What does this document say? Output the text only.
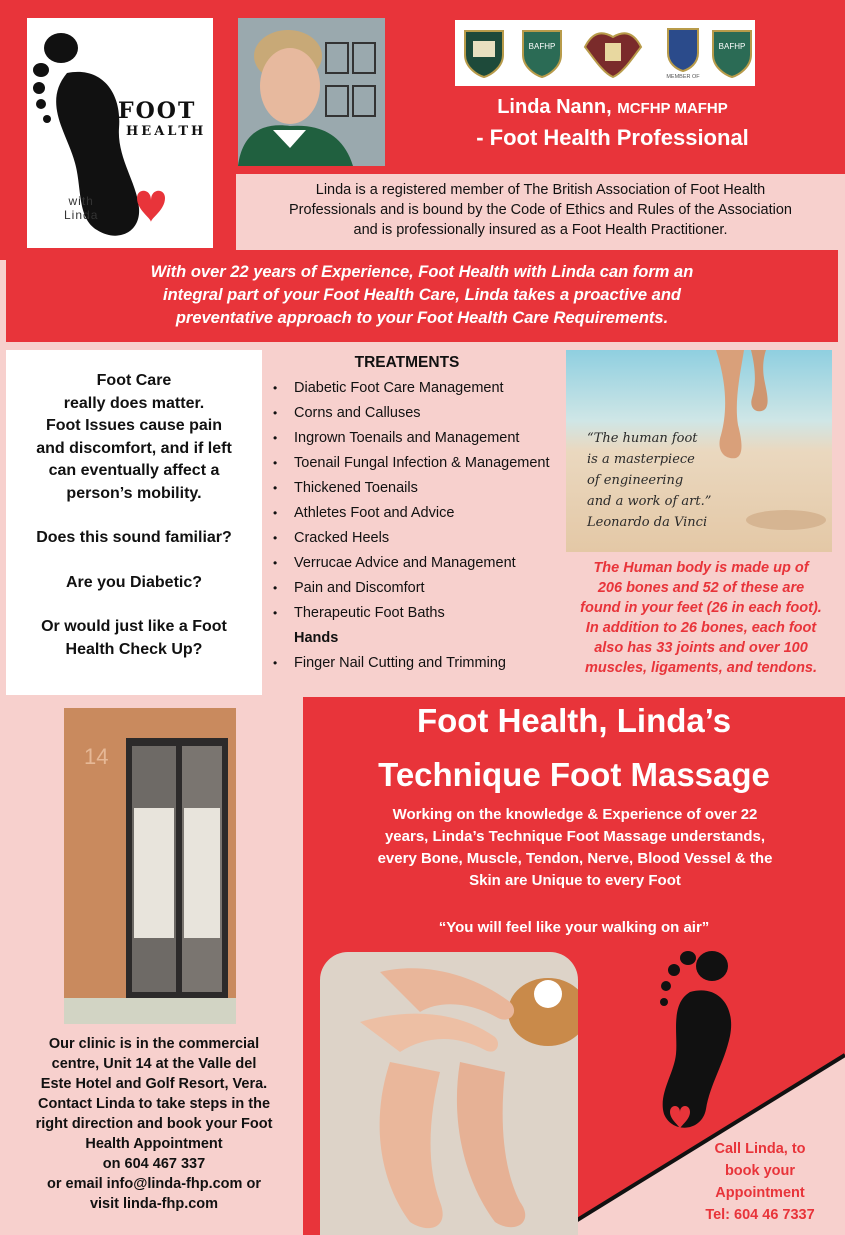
FOOT
HEALTH
with
Linda
BAFHP
MEMBER OF
BAFHP
Linda Nann, MCFHP MAFHP
- Foot Health Professional
Linda is a registered member of The British Association of Foot Health
Professionals and is bound by the Code of Ethics and Rules of the Association
and is professionally insured as a Foot Health Practitioner.
With over 22 years of Experience, Foot Health with Linda can form an
integral part of your Foot Health Care, Linda takes a proactive and
preventative approach to your Foot Health Care Requirements.

Foot Care
really does matter.
Foot Issues cause pain
and discomfort, and if left
can eventually affect a
person’s mobility.

Does this sound familiar?

Are you Diabetic?

Or would just like a Foot
Health Check Up?

TREATMENTS
• Diabetic Foot Care Management
• Corns and Calluses
• Ingrown Toenails and Management
• Toenail Fungal Infection & Management
• Thickened Toenails
• Athletes Foot and Advice
• Cracked Heels
• Verrucae Advice and Management
• Pain and Discomfort
• Therapeutic Foot Baths
Hands
• Finger Nail Cutting and Trimming
“The human foot
is a masterpiece
of engineering
and a work of art.”
Leonardo da Vinci
The Human body is made up of
206 bones and 52 of these are
found in your feet (26 in each foot).
In addition to 26 bones, each foot
also has 33 joints and over 100
muscles, ligaments, and tendons.
14
Our clinic is in the commercial
centre, Unit 14 at the Valle del
Este Hotel and Golf Resort, Vera.
Contact Linda to take steps in the
right direction and book your Foot
Health Appointment
on 604 467 337
or email info@linda-fhp.com or
visit linda-fhp.com
Foot Health, Linda’s
Technique Foot Massage
Working on the knowledge & Experience of over 22
years, Linda’s Technique Foot Massage understands,
every Bone, Muscle, Tendon, Nerve, Blood Vessel & the
Skin are Unique to every Foot
“You will feel like your walking on air”
Call Linda, to
book your
Appointment
Tel: 604 46 7337
